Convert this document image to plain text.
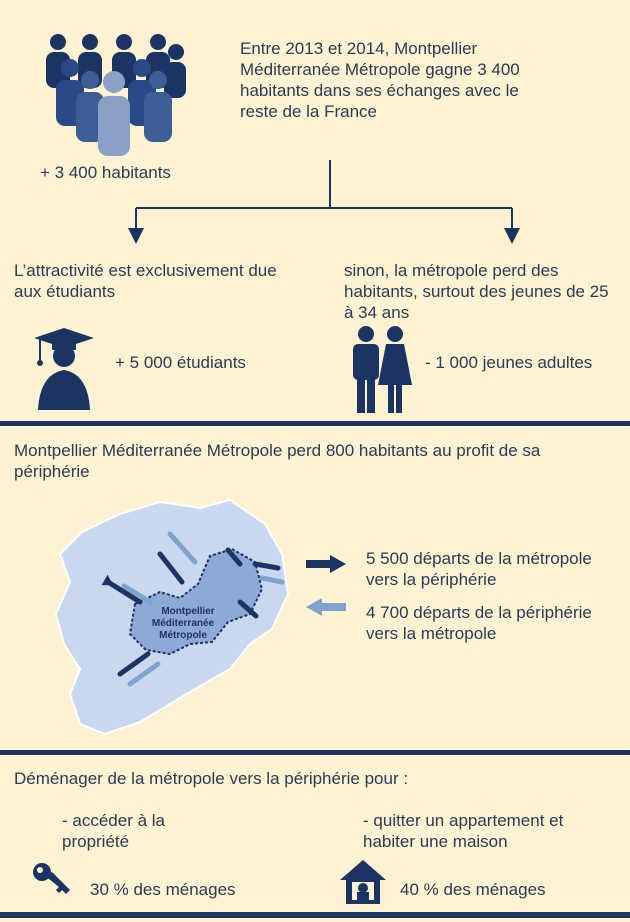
+ 3 400 habitants
Entre 2013 et 2014, Montpellier Méditerranée Métropole gagne 3 400 habitants dans ses échanges avec le reste de la France
L’attractivité est exclusivement due aux étudiants
sinon, la métropole perd des habitants, surtout des jeunes de 25 à 34 ans
+ 5 000 étudiants	- 1 000 jeunes adultes
Montpellier Méditerranée Métropole perd 800 habitants au profit de sa périphérie
Montpellier
Méditerranée
Métropole
5 500 départs de la métropole vers la périphérie
4 700 départs de la périphérie vers la métropole
Déménager de la métropole vers la périphérie pour :
- accéder à la propriété
- quitter un appartement et habiter une maison
30 % des ménages	40 % des ménages
